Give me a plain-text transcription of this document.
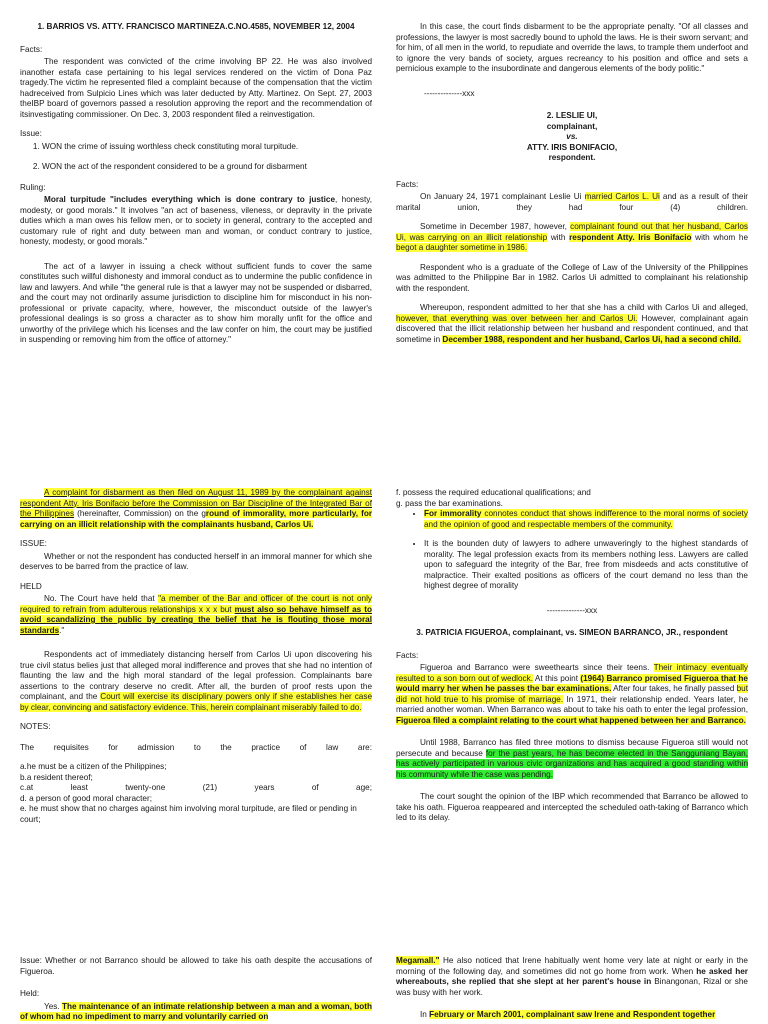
1. BARRIOS VS. ATTY. FRANCISCO MARTINEZA.C.NO.4585, NOVEMBER 12, 2004

Facts:

The respondent was convicted of the crime involving BP 22. He was also involved inanother estafa case pertaining to his legal services rendered on the victim of Dona Paz tragedy.The victim he represented filed a complaint because of the compensation that the victim hadreceived from Sulpicio Lines which was later deducted by Atty. Martinez. On Sept. 27, 2003 theIBP board of governors passed a resolution approving the report and the recommendation of itsinvestigating commissioner. On Dec. 3, 2003 respondent filed a reinvestigation.

Issue:

1. WON the crime of issuing worthless check constituting moral turpitude.
2. WON the act of the respondent considered to be a ground for disbarment

Ruling:

Moral turpitude "includes everything which is done contrary to justice, honesty, modesty, or good morals." It involves "an act of baseness, vileness, or depravity in the private duties which a man owes his fellow men, or to society in general, contrary to the accepted and customary rule of right and duty between man and woman, or conduct contrary to justice, honesty, modesty, or good morals."

The act of a lawyer in issuing a check without sufficient funds to cover the same constitutes such willful dishonesty and immoral conduct as to undermine the public confidence in law and lawyers. And while "the general rule is that a lawyer may not be suspended or disbarred, and the court may not ordinarily assume jurisdiction to discipline him for misconduct in his non-professional or private capacity, where, however, the misconduct outside of the lawyer's professional dealings is so gross a character as to show him morally unfit for the office and unworthy of the privilege which his licenses and the law confer on him, the court may be justified in suspending or removing him from the office of attorney."

In this case, the court finds disbarment to be the appropriate penalty. "Of all classes and professions, the lawyer is most sacredly bound to uphold the laws. He is their sworn servant; and for him, of all men in the world, to repudiate and override the laws, to trample them underfoot and to ignore the very bands of society, argues recreancy to his position and office and sets a pernicious example to the insubordinate and dangerous elements of the body politic."

--------------xxx
2. LESLIE UI,
complainant,
vs.
ATTY. IRIS BONIFACIO,
respondent.

Facts:

On January 24, 1971 complainant Leslie Ui married Carlos L. Ui and as a result of their marital union, they had four (4) children.

Sometime in December 1987, however, complainant found out that her husband, Carlos Ui, was carrying on an illicit relationship with respondent Atty. Iris Bonifacio with whom he begot a daughter sometime in 1986.

Respondent who is a graduate of the College of Law of the University of the Philippines was admitted to the Philippine Bar in 1982. Carlos Ui admitted to complainant his relationship with the respondent.

Whereupon, respondent admitted to her that she has a child with Carlos Ui and alleged, however, that everything was over between her and Carlos Ui. However, complainant again discovered that the illicit relationship between her husband and respondent continued, and that sometime in December 1988, respondent and her husband, Carlos Ui, had a second child.

A complaint for disbarment as then filed on August 11, 1989 by the complainant against respondent Atty. Iris Bonifacio before the Commission on Bar Discipline of the Integrated Bar of the Philippines (hereinafter, Commission) on the ground of immorality, more particularly, for carrying on an illicit relationship with the complainants husband, Carlos Ui.

ISSUE:

Whether or not the respondent has conducted herself in an immoral manner for which she deserves to be barred from the practice of law.

HELD

No. The Court have held that "a member of the Bar and officer of the court is not only required to refrain from adulterous relationships x x x but must also so behave himself as to avoid scandalizing the public by creating the belief that he is flouting those moral standards."

Respondents act of immediately distancing herself from Carlos Ui upon discovering his true civil status belies just that alleged moral indifference and proves that she had no intention of flaunting the law and the high moral standard of the legal profession. Complainants bare assertions to the contrary deserve no credit. After all, the burden of proof rests upon the complainant, and the Court will exercise its disciplinary powers only if she establishes her case by clear, convincing and satisfactory evidence. This, herein complainant miserably failed to do.

NOTES:

The requisites for admission to the practice of law are:

a.he must be a citizen of the Philippines;

b.a resident thereof;

c.at least twenty-one (21) years of age;

d. a person of good moral character;

e. he must show that no charges against him involving moral turpitude, are filed or pending in court;

f. possess the required educational qualifications; and

g. pass the bar examinations.

• For immorality connotes conduct that shows indifference to the moral norms of society and the opinion of good and respectable members of the community.
• It is the bounden duty of lawyers to adhere unwaveringly to the highest standards of morality. The legal profession exacts from its members nothing less. Lawyers are called upon to safeguard the integrity of the Bar, free from misdeeds and acts constitutive of malpractice. Their exalted positions as officers of the court demand no less than the highest degree of morality
--------------xxx
3. PATRICIA FIGUEROA, complainant, vs. SIMEON BARRANCO, JR., respondent

Facts:

Figueroa and Barranco were sweethearts since their teens. Their intimacy eventually resulted to a son born out of wedlock. At this point (1964) Barranco promised Figueroa that he would marry her when he passes the bar examinations. After four takes, he finally passed but did not hold true to his promise of marriage. In 1971, their relationship ended. Years later, he married another woman. When Barranco was about to take his oath to enter the legal profession, Figueroa filed a complaint relating to the court what happened between her and Barranco.

Until 1988, Barranco has filed three motions to dismiss because Figueroa still would not persecute and because for the past years, he has become elected in the Sangguniang Bayan, has actively participated in various civic organizations and has acquired a good standing within his community while the case was pending.

The court sought the opinion of the IBP which recommended that Barranco be allowed to take his oath. Figueroa reappeared and intercepted the scheduled oath-taking of Barranco which led to its delay.

Issue: Whether or not Barranco should be allowed to take his oath despite the accusations of Figueroa.

Held:

Yes. The maintenance of an intimate relationship between a man and a woman, both of whom had no impediment to marry and voluntarily carried on

Megamall." He also noticed that Irene habitually went home very late at night or early in the morning of the following day, and sometimes did not go home from work. When he asked her whereabouts, she replied that she slept at her parent's house in Binangonan, Rizal or she was busy with her work.

In February or March 2001, complainant saw Irene and Respondent together
